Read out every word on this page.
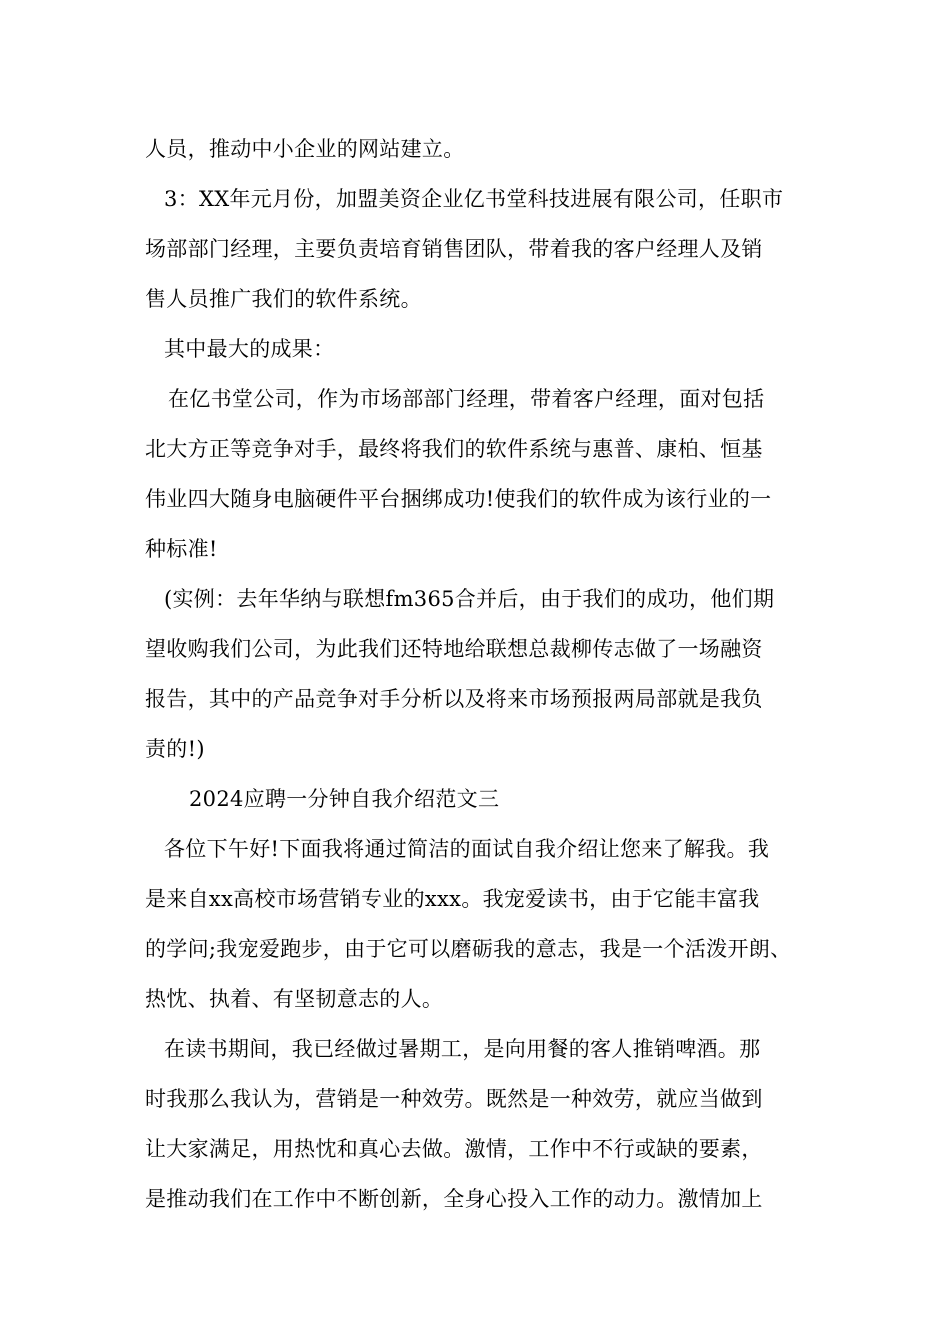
人员，推动中小企业的网站建立。
3：XX年元月份，加盟美资企业亿书堂科技进展有限公司，任职市
场部部门经理，主要负责培育销售团队，带着我的客户经理人及销
售人员推广我们的软件系统。
其中最大的成果：
在亿书堂公司，作为市场部部门经理，带着客户经理，面对包括
北大方正等竞争对手，最终将我们的软件系统与惠普、康柏、恒基
伟业四大随身电脑硬件平台捆绑成功!使我们的软件成为该行业的一
种标准!
(实例：去年华纳与联想fm365合并后，由于我们的成功，他们期
望收购我们公司，为此我们还特地给联想总裁柳传志做了一场融资
报告，其中的产品竞争对手分析以及将来市场预报两局部就是我负
责的!)
2024应聘一分钟自我介绍范文三
各位下午好!下面我将通过简洁的面试自我介绍让您来了解我。我
是来自xx高校市场营销专业的xxx。我宠爱读书，由于它能丰富我
的学问;我宠爱跑步，由于它可以磨砺我的意志，我是一个活泼开朗、
热忱、执着、有坚韧意志的人。
在读书期间，我已经做过暑期工，是向用餐的客人推销啤酒。那
时我那么我认为，营销是一种效劳。既然是一种效劳，就应当做到
让大家满足，用热忱和真心去做。激情，工作中不行或缺的要素，
是推动我们在工作中不断创新，全身心投入工作的动力。激情加上
